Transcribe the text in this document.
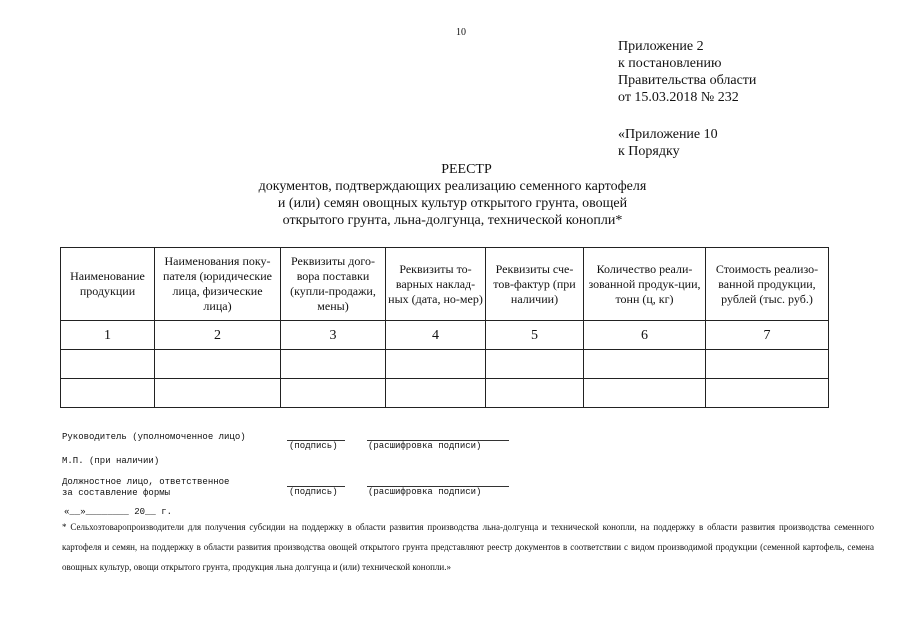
10
Приложение 2
к постановлению
Правительства области
от 15.03.2018 № 232
«Приложение 10
к Порядку
РЕЕСТР
документов, подтверждающих реализацию семенного картофеля
и (или) семян овощных культур открытого грунта, овощей
открытого грунта, льна-долгунца, технической конопли*
Наименование продукции	Наименования поку-пателя (юридические лица, физические лица)	Реквизиты дого-вора поставки (купли-продажи, мены)	Реквизиты то-варных наклад-ных (дата, но-мер)	Реквизиты сче-тов-фактур (при наличии)	Количество реали-зованной продук-ции, тонн (ц, кг)	Стоимость реализо-ванной продукции, рублей (тыс. руб.)
1	2	3	4	5	6	7

Руководитель (уполномоченное лицо)
(подпись)	(расшифровка подписи)
М.П. (при наличии)
Должностное лицо, ответственное
за составление формы	(подпись)	(расшифровка подписи)
«__»________ 20__ г.

* Сельхозтоваропроизводители для получения субсидии на поддержку в области развития производства льна-долгунца и технической конопли, на поддержку в области развития производства семенного картофеля и семян, на поддержку в области развития производства овощей открытого грунта представляют реестр документов в соответствии с видом производимой продукции (семенной картофель, семена овощных культур, овощи открытого грунта, продукция льна долгунца и (или) технической конопли.»
